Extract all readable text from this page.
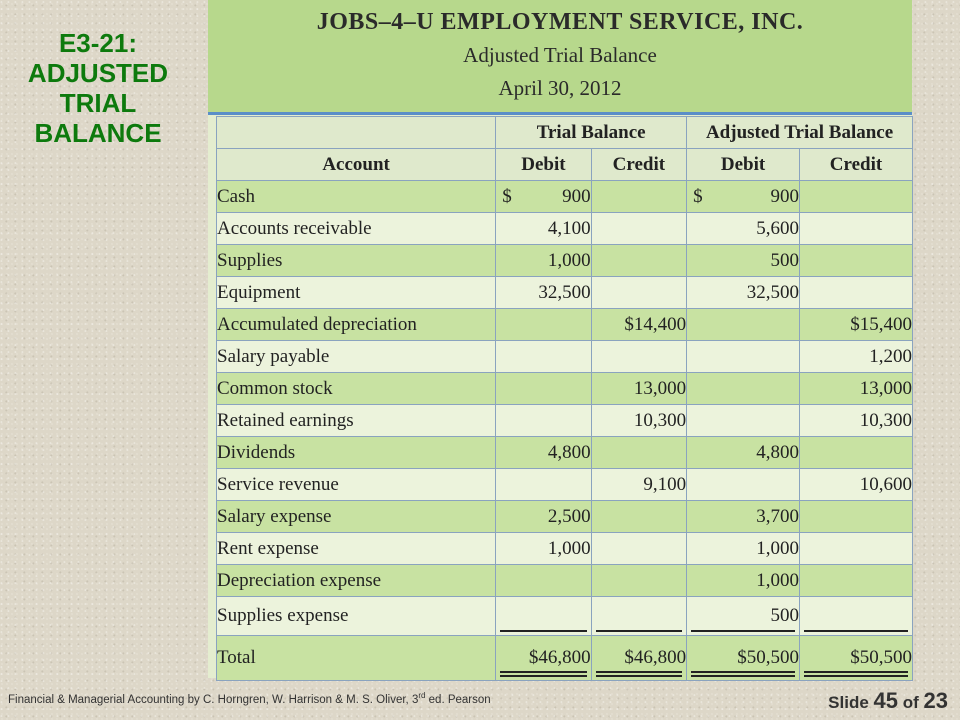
E3-21:
ADJUSTED
TRIAL
BALANCE
JOBS–4–U EMPLOYMENT SERVICE, INC.
Adjusted Trial Balance
April 30, 2012
	Trial Balance		Adjusted Trial Balance	
Account	Debit	Credit	Debit	Credit
Cash	$ 900		$ 900	
Accounts receivable	4,100		5,600	
Supplies	1,000		500	
Equipment	32,500		32,500	
Accumulated depreciation		$14,400		$15,400
Salary payable				1,200
Common stock		13,000		13,000
Retained earnings		10,300		10,300
Dividends	4,800		4,800	
Service revenue		9,100		10,600
Salary expense	2,500		3,700	
Rent expense	1,000		1,000	
Depreciation expense			1,000	
Supplies expense			500	
Total	$46,800	$46,800	$50,500	$50,500
Financial & Managerial Accounting by C. Horngren, W. Harrison & M. S. Oliver, 3rd ed. Pearson	Slide 45 of 23
